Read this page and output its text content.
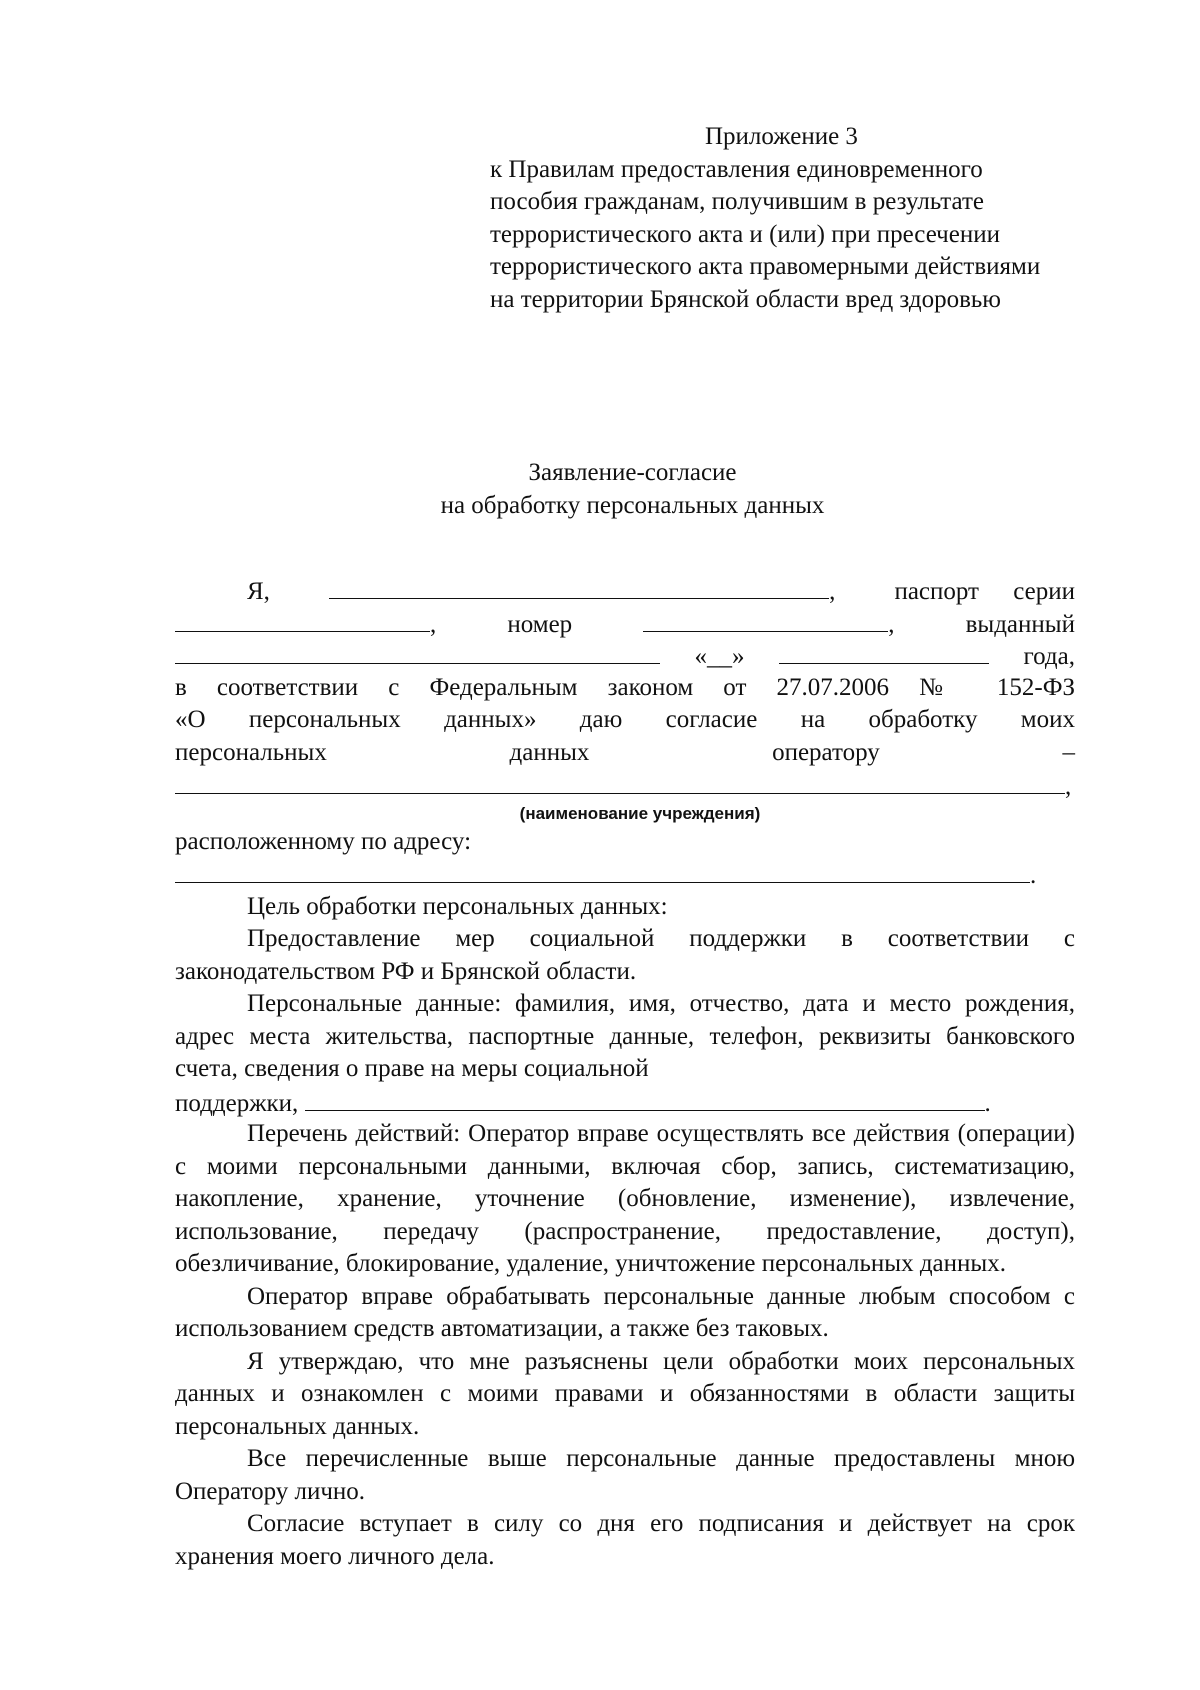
Приложение 3
к Правилам предоставления единовременного
пособия гражданам, получившим в результате
террористического акта и (или) при пресечении
террористического акта правомерными действиями
на территории Брянской области вред здоровью
Заявление-согласие
на обработку персональных данных
Я,	, паспорт серии
,	номер	,	выданный
«__»	года,
в соответствии с Федеральным законом от 27.07.2006 № 152-ФЗ
«О персональных данных» даю согласие на обработку моих
персональных	данных	оператору	–
,
(наименование учреждения)
расположенному по адресу:
.
Цель обработки персональных данных:
Предоставление мер социальной поддержки в соответствии с законодательством РФ и Брянской области.
Персональные данные: фамилия, имя, отчество, дата и место рождения, адрес места жительства, паспортные данные, телефон, реквизиты банковского счета, сведения о праве на меры социальной
поддержки,	.
Перечень действий: Оператор вправе осуществлять все действия (операции) с моими персональными данными, включая сбор, запись, систематизацию, накопление, хранение, уточнение (обновление, изменение), извлечение, использование, передачу (распространение, предоставление, доступ), обезличивание, блокирование, удаление, уничтожение персональных данных.
Оператор вправе обрабатывать персональные данные любым способом с использованием средств автоматизации, а также без таковых.
Я утверждаю, что мне разъяснены цели обработки моих персональных данных и ознакомлен с моими правами и обязанностями в области защиты персональных данных.
Все перечисленные выше персональные данные предоставлены мною Оператору лично.
Согласие вступает в силу со дня его подписания и действует на срок хранения моего личного дела.
